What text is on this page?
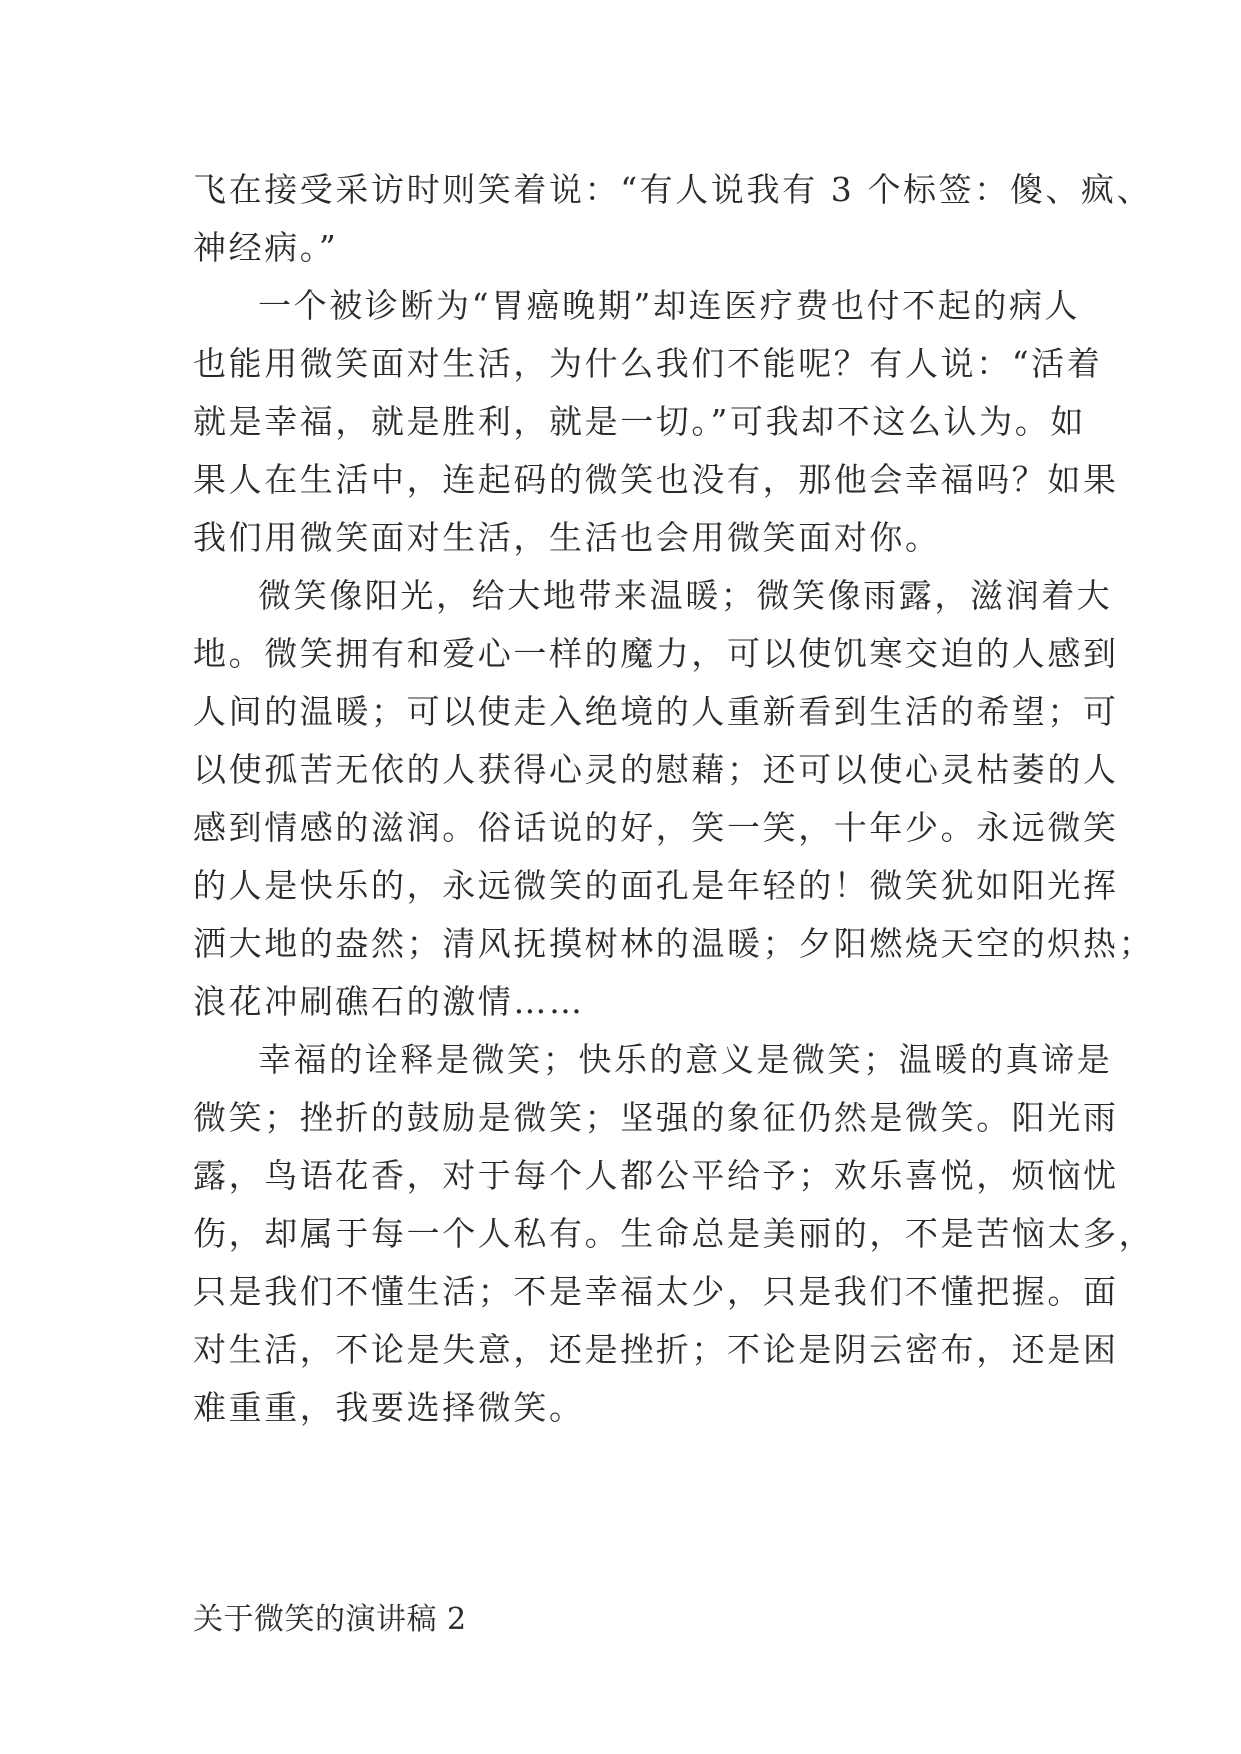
飞在接受采访时则笑着说：“有人说我有 3 个标签：傻、疯、
神经病。”
一个被诊断为“胃癌晚期”却连医疗费也付不起的病人
也能用微笑面对生活，为什么我们不能呢？有人说：“活着
就是幸福，就是胜利，就是一切。”可我却不这么认为。如
果人在生活中，连起码的微笑也没有，那他会幸福吗？如果
我们用微笑面对生活，生活也会用微笑面对你。
微笑像阳光，给大地带来温暖；微笑像雨露，滋润着大
地。微笑拥有和爱心一样的魔力，可以使饥寒交迫的人感到
人间的温暖；可以使走入绝境的人重新看到生活的希望；可
以使孤苦无依的人获得心灵的慰藉；还可以使心灵枯萎的人
感到情感的滋润。俗话说的好，笑一笑，十年少。永远微笑
的人是快乐的，永远微笑的面孔是年轻的！微笑犹如阳光挥
洒大地的盎然；清风抚摸树林的温暖；夕阳燃烧天空的炽热；
浪花冲刷礁石的激情……
幸福的诠释是微笑；快乐的意义是微笑；温暖的真谛是
微笑；挫折的鼓励是微笑；坚强的象征仍然是微笑。阳光雨
露，鸟语花香，对于每个人都公平给予；欢乐喜悦，烦恼忧
伤，却属于每一个人私有。生命总是美丽的，不是苦恼太多，
只是我们不懂生活；不是幸福太少，只是我们不懂把握。面
对生活，不论是失意，还是挫折；不论是阴云密布，还是困
难重重，我要选择微笑。
关于微笑的演讲稿 2
